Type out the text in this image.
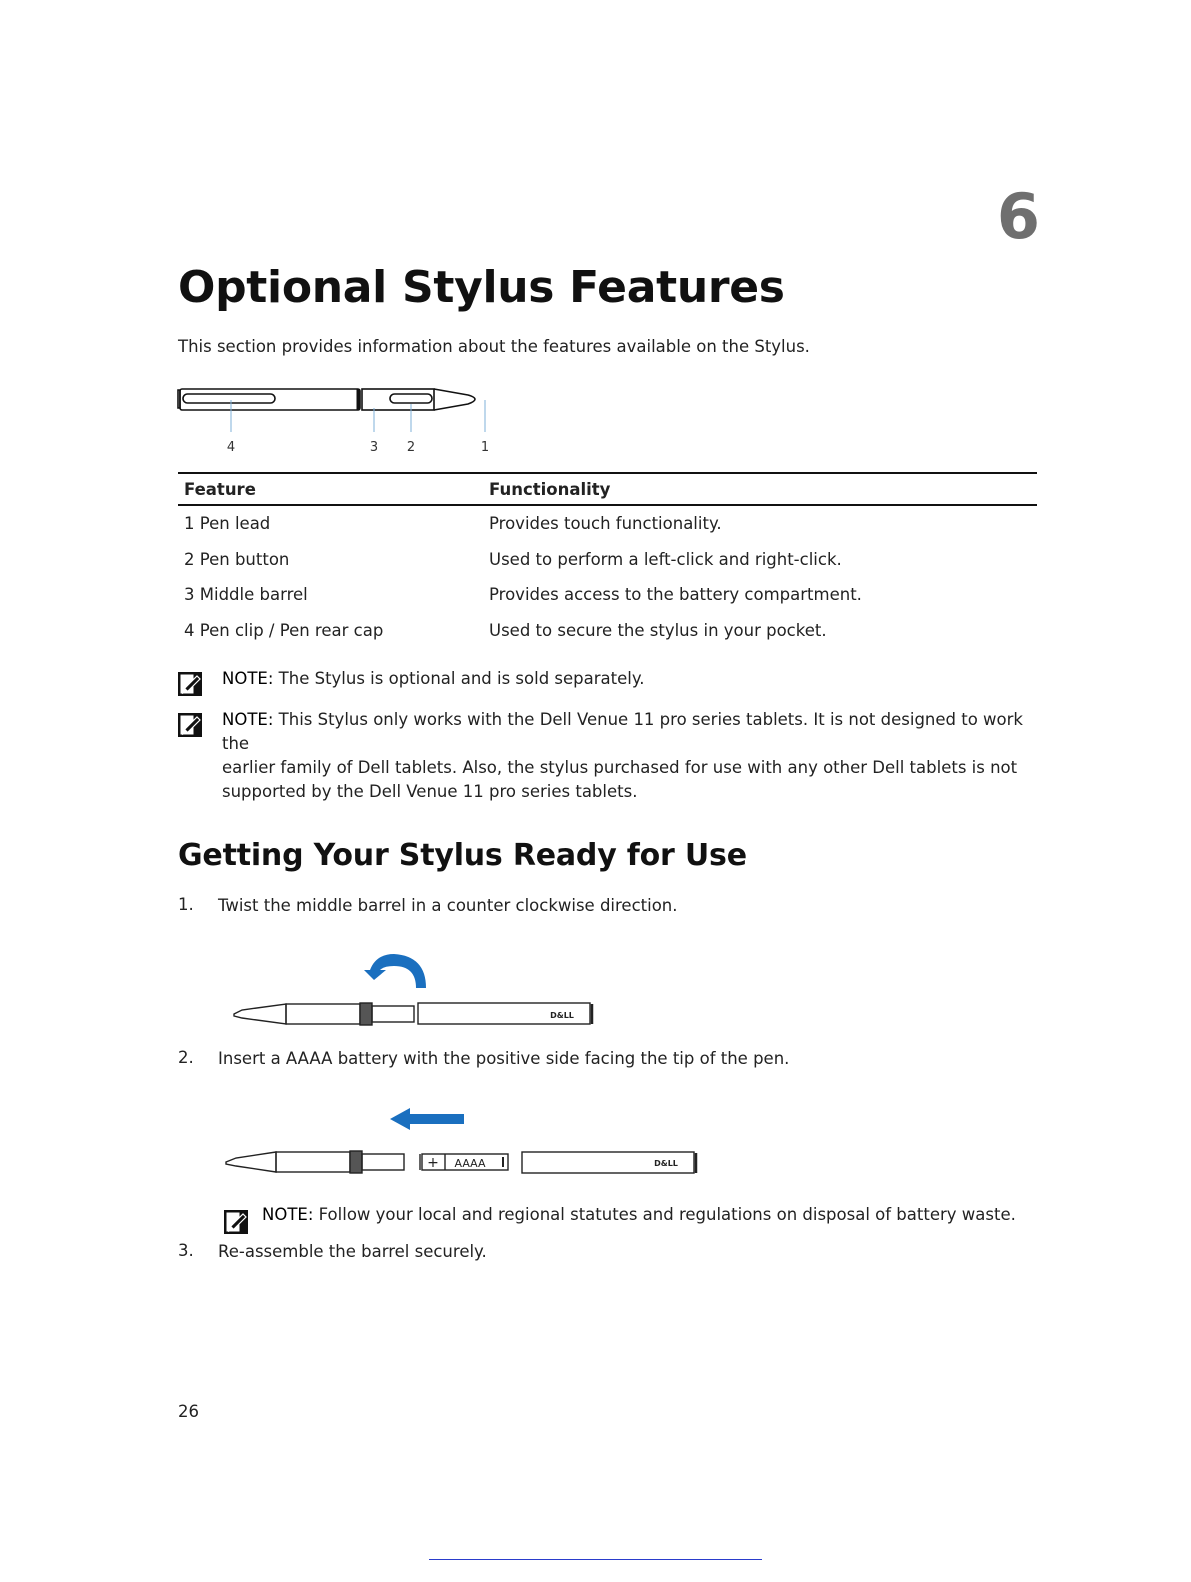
6
Optional Stylus Features
This section provides information about the features available on the Stylus.
4	3 2	1
Feature	Functionality
1 Pen lead	Provides touch functionality.
2 Pen button	Used to perform a left-click and right-click.
3 Middle barrel	Provides access to the battery compartment.
4 Pen clip / Pen rear cap	Used to secure the stylus in your pocket.
NOTE: The Stylus is optional and is sold separately.
NOTE: This Stylus only works with the Dell Venue 11 pro series tablets. It is not designed to work the
earlier family of Dell tablets. Also, the stylus purchased for use with any other Dell tablets is not
supported by the Dell Venue 11 pro series tablets.
Getting Your Stylus Ready for Use
1. Twist the middle barrel in a counter clockwise direction.
D&LL
2. Insert a AAAA battery with the positive side facing the tip of the pen.
+ AAAA	D&LL
NOTE: Follow your local and regional statutes and regulations on disposal of battery waste.
3. Re-assemble the barrel securely.
26
